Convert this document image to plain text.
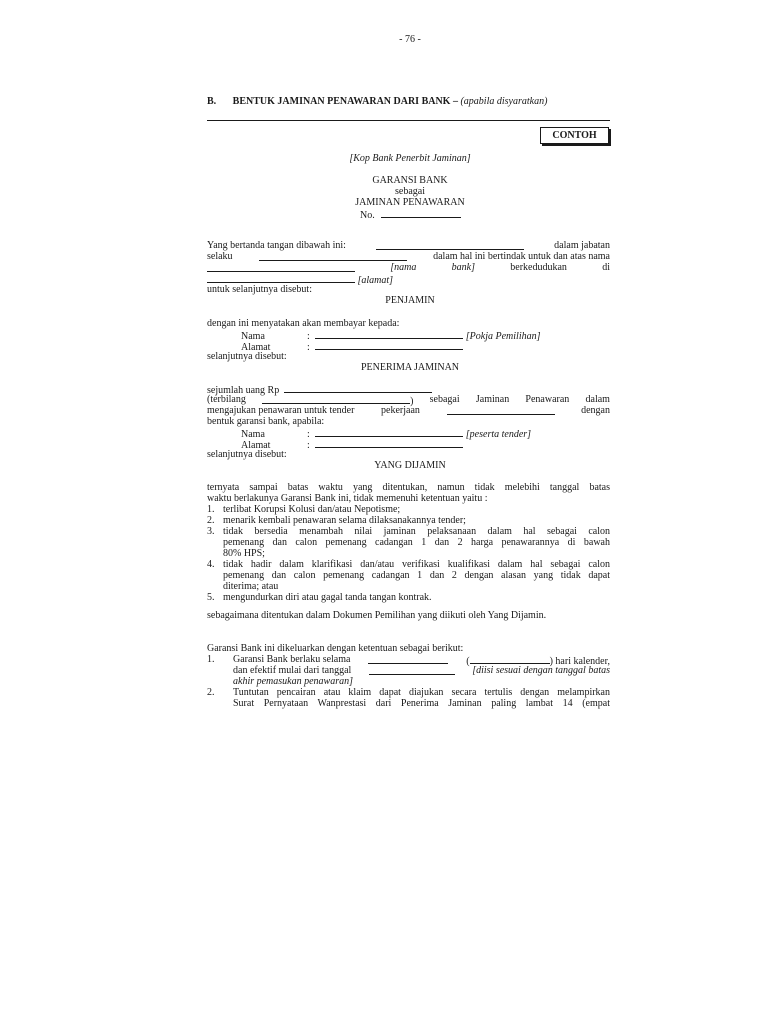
- 76 -
B. BENTUK JAMINAN PENAWARAN DARI BANK – (apabila disyaratkan)
CONTOH
[Kop Bank Penerbit Jaminan]
GARANSI BANK
sebagai
JAMINAN PENAWARAN
No.
Yang bertanda tangan dibawah ini:	dalam jabatan
selaku	dalam hal ini bertindak untuk dan atas nama
[nama	bank]	berkedudukan	di
[alamat]
untuk selanjutnya disebut:
PENJAMIN
dengan ini menyatakan akan membayar kepada:
Nama	:	[Pokja Pemilihan]
Alamat	:
selanjutnya disebut:
PENERIMA JAMINAN
sejumlah uang Rp
(terbilang	) sebagai Jaminan Penawaran dalam
mengajukan penawaran untuk tender	pekerjaan	dengan
bentuk garansi bank, apabila:
Nama	:	[peserta tender]
Alamat	:
selanjutnya disebut:
YANG DIJAMIN
ternyata sampai batas waktu yang ditentukan, namun tidak melebihi tanggal batas
waktu berlakunya Garansi Bank ini, tidak memenuhi ketentuan yaitu :
1. terlibat Korupsi Kolusi dan/atau Nepotisme;
2. menarik kembali penawaran selama dilaksanakannya tender;
3. tidak bersedia menambah nilai jaminan pelaksanaan dalam hal sebagai calon
pemenang dan calon pemenang cadangan 1 dan 2 harga penawarannya di bawah
80% HPS;
4. tidak hadir dalam klarifikasi dan/atau verifikasi kualifikasi dalam hal sebagai calon
pemenang dan calon pemenang cadangan 1 dan 2 dengan alasan yang tidak dapat
diterima; atau
5. mengundurkan diri atau gagal tanda tangan kontrak.
sebagaimana ditentukan dalam Dokumen Pemilihan yang diikuti oleh Yang Dijamin.
Garansi Bank ini dikeluarkan dengan ketentuan sebagai berikut:
1. Garansi Bank berlaku selama	(	) hari kalender,
dan efektif mulai dari tanggal	[diisi sesuai dengan tanggal batas
akhir pemasukan penawaran]
2. Tuntutan pencairan atau klaim dapat diajukan secara tertulis dengan melampirkan
Surat Pernyataan Wanprestasi dari Penerima Jaminan paling lambat 14 (empat
